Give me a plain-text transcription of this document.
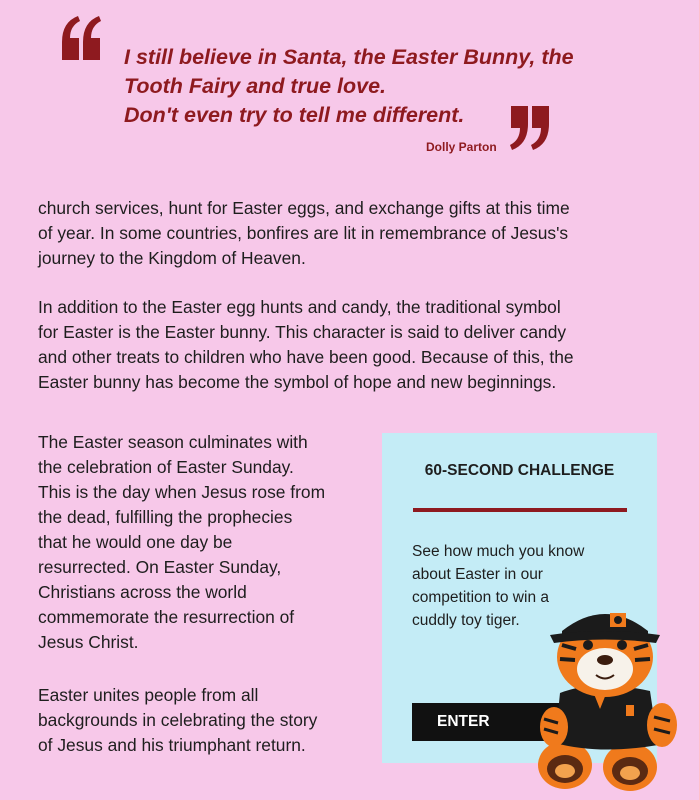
I still believe in Santa, the Easter Bunny, the
Tooth Fairy and true love.
Don't even try to tell me different.

Dolly Parton

church services, hunt for Easter eggs, and exchange gifts at this time
of year. In some countries, bonfires are lit in remembrance of Jesus's
journey to the Kingdom of Heaven.

In addition to the Easter egg hunts and candy, the traditional symbol
for Easter is the Easter bunny. This character is said to deliver candy
and other treats to children who have been good. Because of this, the
Easter bunny has become the symbol of hope and new beginnings.

The Easter season culminates with
the celebration of Easter Sunday.
This is the day when Jesus rose from
the dead, fulfilling the prophecies
that he would one day be
resurrected. On Easter Sunday,
Christians across the world
commemorate the resurrection of
Jesus Christ.

Easter unites people from all
backgrounds in celebrating the story
of Jesus and his triumphant return.

60-SECOND CHALLENGE

See how much you know
about Easter in our
competition to win a
cuddly toy tiger.

ENTER
